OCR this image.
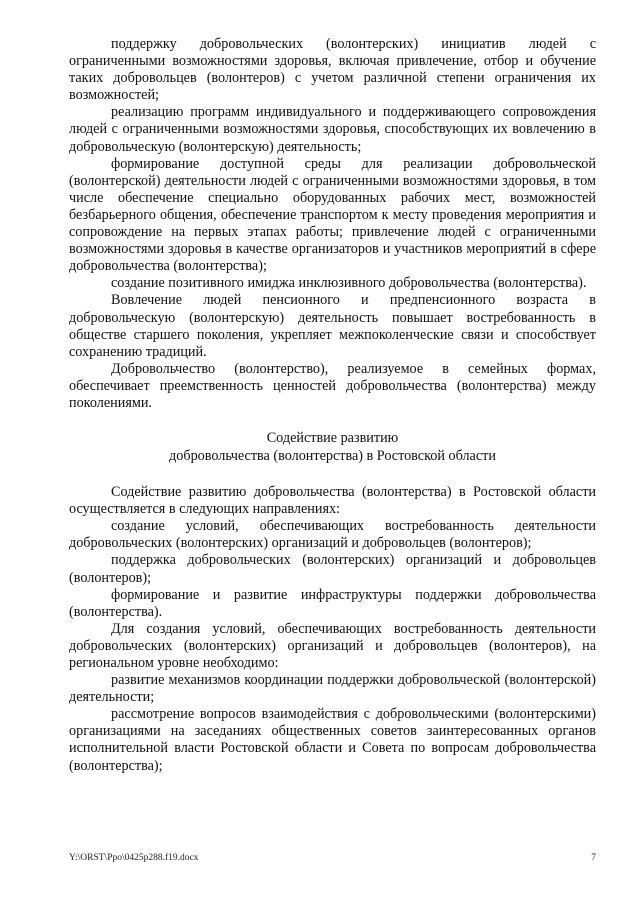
поддержку добровольческих (волонтерских) инициатив людей с ограниченными возможностями здоровья, включая привлечение, отбор и обучение таких добровольцев (волонтеров) с учетом различной степени ограничения их возможностей;

реализацию программ индивидуального и поддерживающего сопровождения людей с ограниченными возможностями здоровья, способствующих их вовлечению в добровольческую (волонтерскую) деятельность;

формирование доступной среды для реализации добровольческой (волонтерской) деятельности людей с ограниченными возможностями здоровья, в том числе обеспечение специально оборудованных рабочих мест, возможностей безбарьерного общения, обеспечение транспортом к месту проведения мероприятия и сопровождение на первых этапах работы; привлечение людей с ограниченными возможностями здоровья в качестве организаторов и участников мероприятий в сфере добровольчества (волонтерства);

создание позитивного имиджа инклюзивного добровольчества (волонтерства).

Вовлечение людей пенсионного и предпенсионного возраста в добровольческую (волонтерскую) деятельность повышает востребованность в обществе старшего поколения, укрепляет межпоколенческие связи и способствует сохранению традиций.

Добровольчество (волонтерство), реализуемое в семейных формах, обеспечивает преемственность ценностей добровольчества (волонтерства) между поколениями.

Содействие развитию
добровольчества (волонтерства) в Ростовской области

Содействие развитию добровольчества (волонтерства) в Ростовской области осуществляется в следующих направлениях:

создание условий, обеспечивающих востребованность деятельности добровольческих (волонтерских) организаций и добровольцев (волонтеров);

поддержка добровольческих (волонтерских) организаций и добровольцев (волонтеров);

формирование и развитие инфраструктуры поддержки добровольчества (волонтерства).

Для создания условий, обеспечивающих востребованность деятельности добровольческих (волонтерских) организаций и добровольцев (волонтеров), на региональном уровне необходимо:

развитие механизмов координации поддержки добровольческой (волонтерской) деятельности;

рассмотрение вопросов взаимодействия с добровольческими (волонтерскими) организациями на заседаниях общественных советов заинтересованных органов исполнительной власти Ростовской области и Совета по вопросам добровольчества (волонтерства);

Y:\ORST\Ppo\0425p288.f19.docx	7
